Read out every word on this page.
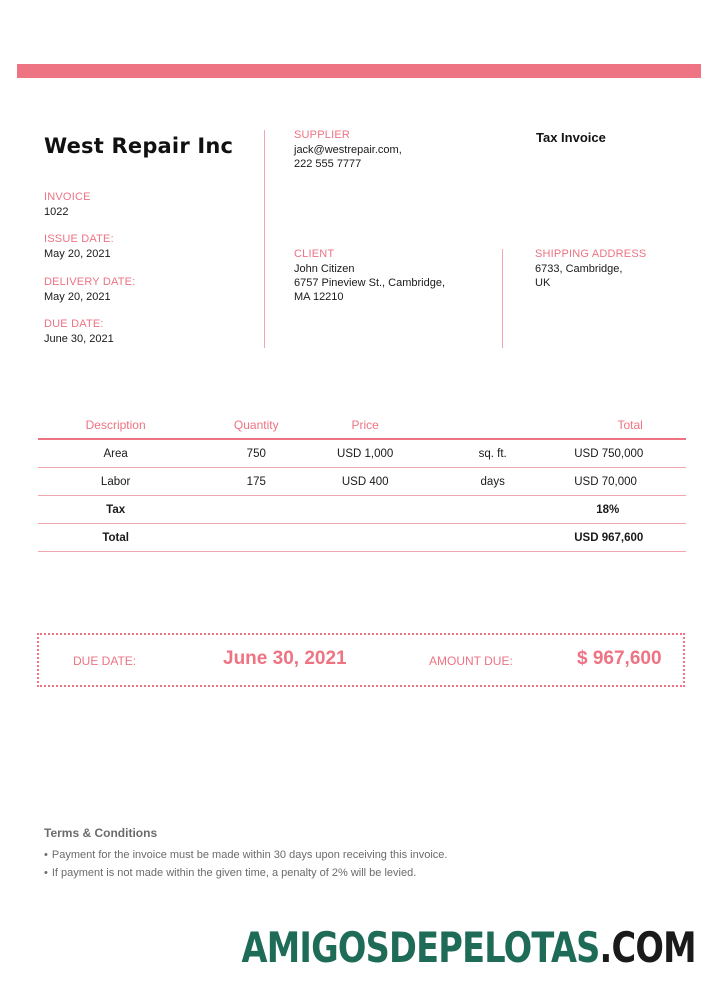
West Repair Inc
INVOICE
1022
ISSUE DATE:
May 20, 2021
DELIVERY DATE:
May 20, 2021
DUE DATE:
June 30, 2021
SUPPLIER
jack@westrepair.com,
222 555 7777
Tax Invoice
CLIENT
John Citizen
6757 Pineview St., Cambridge,
MA 12210
SHIPPING ADDRESS
6733, Cambridge,
UK
Description	Quantity	Price		Total
Area	750	USD 1,000	sq. ft.	USD 750,000
Labor	175	USD 400	days	USD 70,000
Tax				18%
Total				USD 967,600
DUE DATE:	June 30, 2021	AMOUNT DUE:	$ 967,600
Terms & Conditions
• Payment for the invoice must be made within 30 days upon receiving this invoice.
• If payment is not made within the given time, a penalty of 2% will be levied.
AMIGOSDEPELOTAS.COM
